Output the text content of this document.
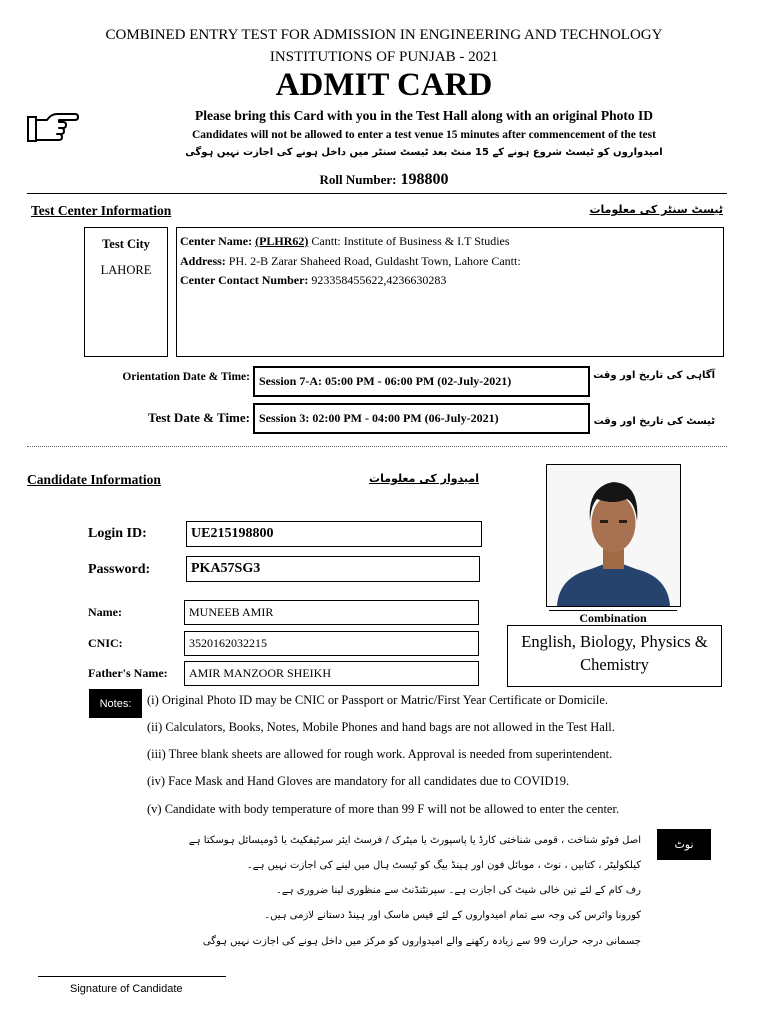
COMBINED ENTRY TEST FOR ADMISSION IN ENGINEERING AND TECHNOLOGY
INSTITUTIONS OF PUNJAB - 2021
ADMIT CARD
Please bring this Card with you in the Test Hall along with an original Photo ID
Candidates will not be allowed to enter a test venue 15 minutes after commencement of the test
امیدواروں کو ٹیسٹ شروع ہونے کے 15 منٹ بعد ٹیسٹ سنٹر میں داخل ہونے کی اجازت نہیں ہوگی
Roll Number: 198800
Test Center Information	ٹیسٹ سنٹر کی معلومات
Test City
LAHORE
Center Name: (PLHR62) Cantt: Institute of Business & I.T Studies
Address: PH. 2-B Zarar Shaheed Road, Guldasht Town, Lahore Cantt:
Center Contact Number: 923358455622,4236630283
Orientation Date & Time: Session 7-A: 05:00 PM - 06:00 PM (02-July-2021)	آگاہی کی تاریخ اور وقت
Test Date & Time: Session 3: 02:00 PM - 04:00 PM (06-July-2021)	ٹیسٹ کی تاریخ اور وقت
Candidate Information	امیدوار کی معلومات
Login ID:	UE215198800
Password:	PKA57SG3
Name:	MUNEEB AMIR
CNIC:	3520162032215
Father's Name:	AMIR MANZOOR SHEIKH
Combination
English, Biology, Physics & Chemistry
Notes:	(i) Original Photo ID may be CNIC or Passport or Matric/First Year Certificate or Domicile.
(ii) Calculators, Books, Notes, Mobile Phones and hand bags are not allowed in the Test Hall.
(iii) Three blank sheets are allowed for rough work. Approval is needed from superintendent.
(iv) Face Mask and Hand Gloves are mandatory for all candidates due to COVID19.
(v) Candidate with body temperature of more than 99 F will not be allowed to enter the center.
نوٹ
اصل فوٹو شناخت ، قومی شناختی کارڈ یا پاسپورٹ یا میٹرک / فرسٹ ایئر سرٹیفکیٹ یا ڈومیسائل ہوسکتا ہے
کیلکولیٹر ، کتابیں ، نوٹ ، موبائل فون اور ہینڈ بیگ کو ٹیسٹ ہال میں لینے کی اجازت نہیں ہے۔
رف کام کے لئے تین خالی شیٹ کی اجازت ہے۔ سپرنٹنڈنٹ سے منظوری لینا ضروری ہے۔
کورونا وائرس کی وجہ سے تمام امیدواروں کے لئے فیس ماسک اور ہینڈ دستانے لازمی ہیں۔
جسمانی درجہ حرارت 99 سے زیادہ رکھنے والے امیدواروں کو مرکز میں داخل ہونے کی اجازت نہیں ہوگی
Signature of Candidate
